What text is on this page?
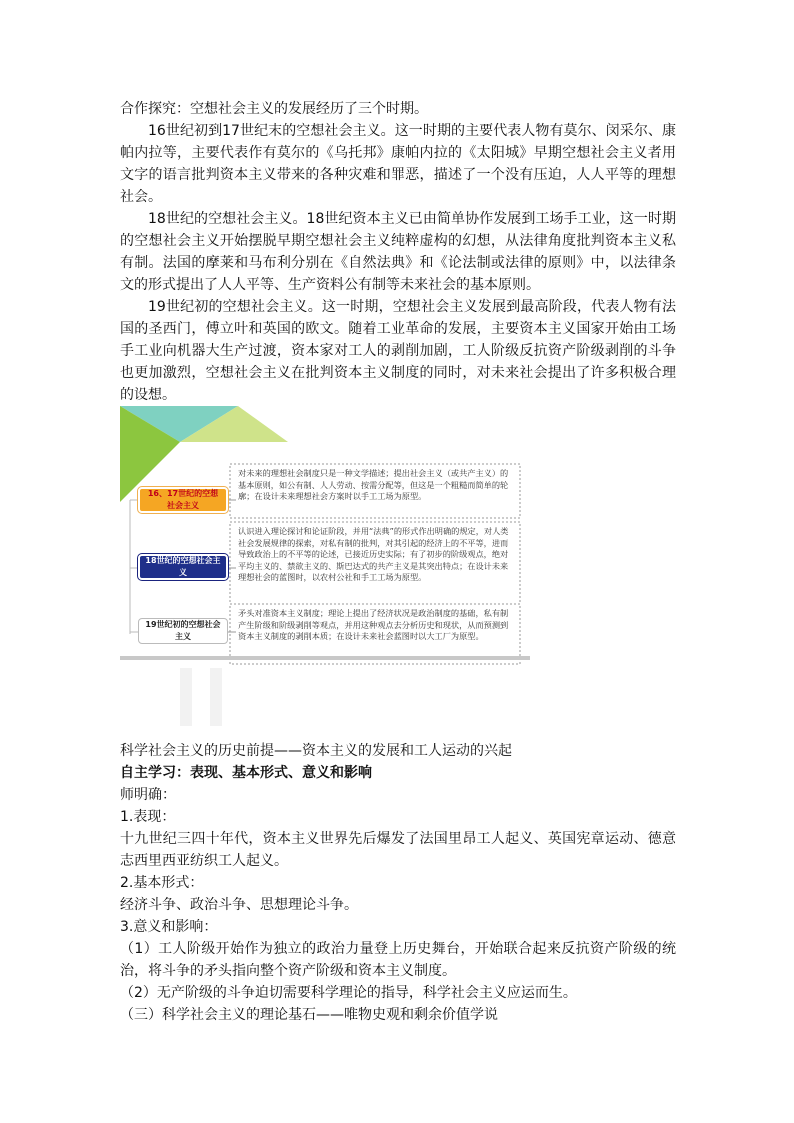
合作探究：空想社会主义的发展经历了三个时期。

16世纪初到17世纪末的空想社会主义。这一时期的主要代表人物有莫尔、闵采尔、康帕内拉等，主要代表作有莫尔的《乌托邦》康帕内拉的《太阳城》早期空想社会主义者用文字的语言批判资本主义带来的各种灾难和罪恶，描述了一个没有压迫，人人平等的理想社会。

18世纪的空想社会主义。18世纪资本主义已由简单协作发展到工场手工业，这一时期的空想社会主义开始摆脱早期空想社会主义纯粹虚构的幻想，从法律角度批判资本主义私有制。法国的摩莱和马布利分别在《自然法典》和《论法制或法律的原则》中，以法律条文的形式提出了人人平等、生产资料公有制等未来社会的基本原则。

19世纪初的空想社会主义。这一时期，空想社会主义发展到最高阶段，代表人物有法国的圣西门，傅立叶和英国的欧文。随着工业革命的发展，主要资本主义国家开始由工场手工业向机器大生产过渡，资本家对工人的剥削加剧，工人阶级反抗资产阶级剥削的斗争也更加激烈，空想社会主义在批判资本主义制度的同时，对未来社会提出了许多积极合理的设想。

16、17世纪的空想社会主义
对未来的理想社会制度只是一种文学描述；提出社会主义（或共产主义）的基本原则，如公有制、人人劳动、按需分配等，但这是一个粗糙而简单的轮廓；在设计未来理想社会方案时以手工工场为原型。
18世纪的空想社会主义
认识进入理论探讨和论证阶段，并用“法典”的形式作出明确的规定，对人类社会发展规律的探索，对私有制的批判，对其引起的经济上的不平等，进而导致政治上的不平等的论述，已接近历史实际；有了初步的阶级观点，绝对平均主义的、禁欲主义的、斯巴达式的共产主义是其突出特点；在设计未来理想社会的蓝图时，以农村公社和手工工场为原型。
19世纪初的空想社会主义
矛头对准资本主义制度；理论上提出了经济状况是政治制度的基础，私有制产生阶级和阶级剥削等观点，并用这种观点去分析历史和现状，从而预测到资本主义制度的剥削本质；在设计未来社会蓝图时以大工厂为原型。

科学社会主义的历史前提——资本主义的发展和工人运动的兴起

自主学习：表现、基本形式、意义和影响

师明确：

1.表现：

十九世纪三四十年代，资本主义世界先后爆发了法国里昂工人起义、英国宪章运动、德意志西里西亚纺织工人起义。

2.基本形式：

经济斗争、政治斗争、思想理论斗争。

3.意义和影响：

（1）工人阶级开始作为独立的政治力量登上历史舞台，开始联合起来反抗资产阶级的统治，将斗争的矛头指向整个资产阶级和资本主义制度。

（2）无产阶级的斗争迫切需要科学理论的指导，科学社会主义应运而生。

（三）科学社会主义的理论基石——唯物史观和剩余价值学说
